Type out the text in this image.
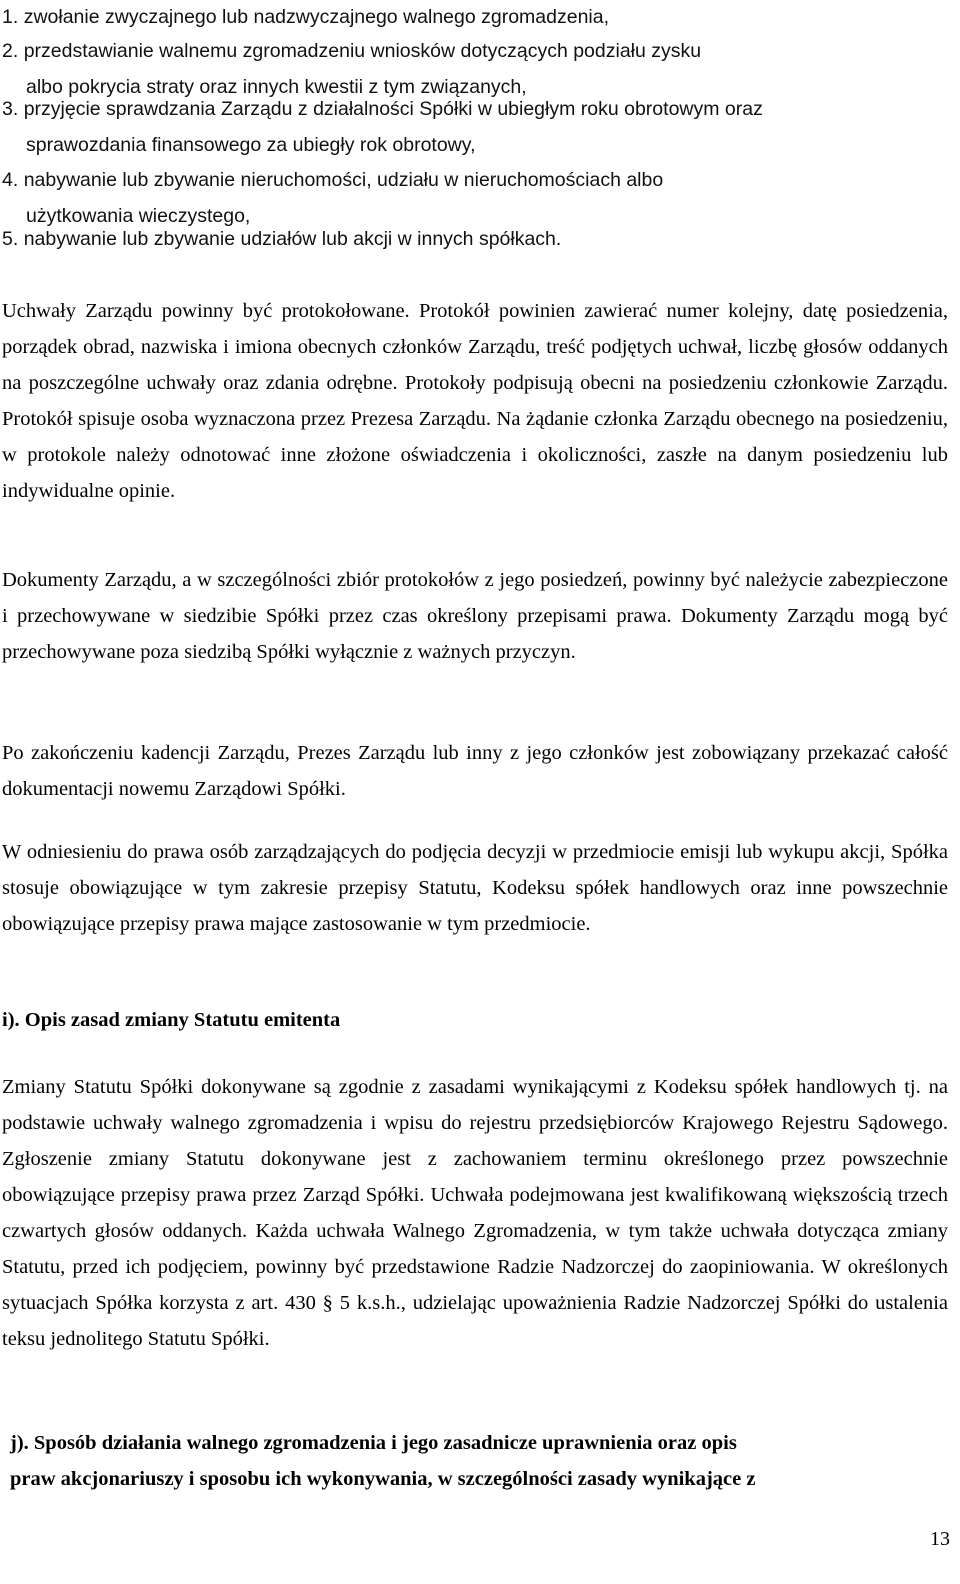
1. zwołanie zwyczajnego lub nadzwyczajnego walnego zgromadzenia,
2. przedstawianie walnemu zgromadzeniu wniosków dotyczących podziału zysku
albo pokrycia straty oraz innych kwestii z tym związanych,
3. przyjęcie sprawdzania Zarządu z działalności Spółki w ubiegłym roku obrotowym oraz
sprawozdania finansowego za ubiegły rok obrotowy,
4. nabywanie lub zbywanie nieruchomości, udziału w nieruchomościach albo
użytkowania wieczystego,
5. nabywanie lub zbywanie udziałów lub akcji w innych spółkach.

Uchwały Zarządu powinny być protokołowane. Protokół powinien zawierać numer kolejny, datę posiedzenia, porządek obrad, nazwiska i imiona obecnych członków Zarządu, treść podjętych uchwał, liczbę głosów oddanych na poszczególne uchwały oraz zdania odrębne. Protokoły podpisują obecni na posiedzeniu członkowie Zarządu. Protokół spisuje osoba wyznaczona przez Prezesa Zarządu. Na żądanie członka Zarządu obecnego na posiedzeniu, w protokole należy odnotować inne złożone oświadczenia i okoliczności, zaszłe na danym posiedzeniu lub indywidualne opinie.

Dokumenty Zarządu, a w szczególności zbiór protokołów z jego posiedzeń, powinny być należycie zabezpieczone i przechowywane w siedzibie Spółki przez czas określony przepisami prawa. Dokumenty Zarządu mogą być przechowywane poza siedzibą Spółki wyłącznie z ważnych przyczyn.

Po zakończeniu kadencji Zarządu, Prezes Zarządu lub inny z jego członków jest zobowiązany przekazać całość dokumentacji nowemu Zarządowi Spółki.

W odniesieniu do prawa osób zarządzających do podjęcia decyzji w przedmiocie emisji lub wykupu akcji, Spółka stosuje obowiązujące w tym zakresie przepisy Statutu, Kodeksu spółek handlowych oraz inne powszechnie obowiązujące przepisy prawa mające zastosowanie w tym przedmiocie.

i). Opis zasad zmiany Statutu emitenta

Zmiany Statutu Spółki dokonywane są zgodnie z zasadami wynikającymi z Kodeksu spółek handlowych tj. na podstawie uchwały walnego zgromadzenia i wpisu do rejestru przedsiębiorców Krajowego Rejestru Sądowego. Zgłoszenie zmiany Statutu dokonywane jest z zachowaniem terminu określonego przez powszechnie obowiązujące przepisy prawa przez Zarząd Spółki. Uchwała podejmowana jest kwalifikowaną większością trzech czwartych głosów oddanych. Każda uchwała Walnego Zgromadzenia, w tym także uchwała dotycząca zmiany Statutu, przed ich podjęciem, powinny być przedstawione Radzie Nadzorczej do zaopiniowania. W określonych sytuacjach Spółka korzysta z art. 430 § 5 k.s.h., udzielając upoważnienia Radzie Nadzorczej Spółki do ustalenia teksu jednolitego Statutu Spółki.

j). Sposób działania walnego zgromadzenia i jego zasadnicze uprawnienia oraz opis
praw akcjonariuszy i sposobu ich wykonywania, w szczególności zasady wynikające z
13
